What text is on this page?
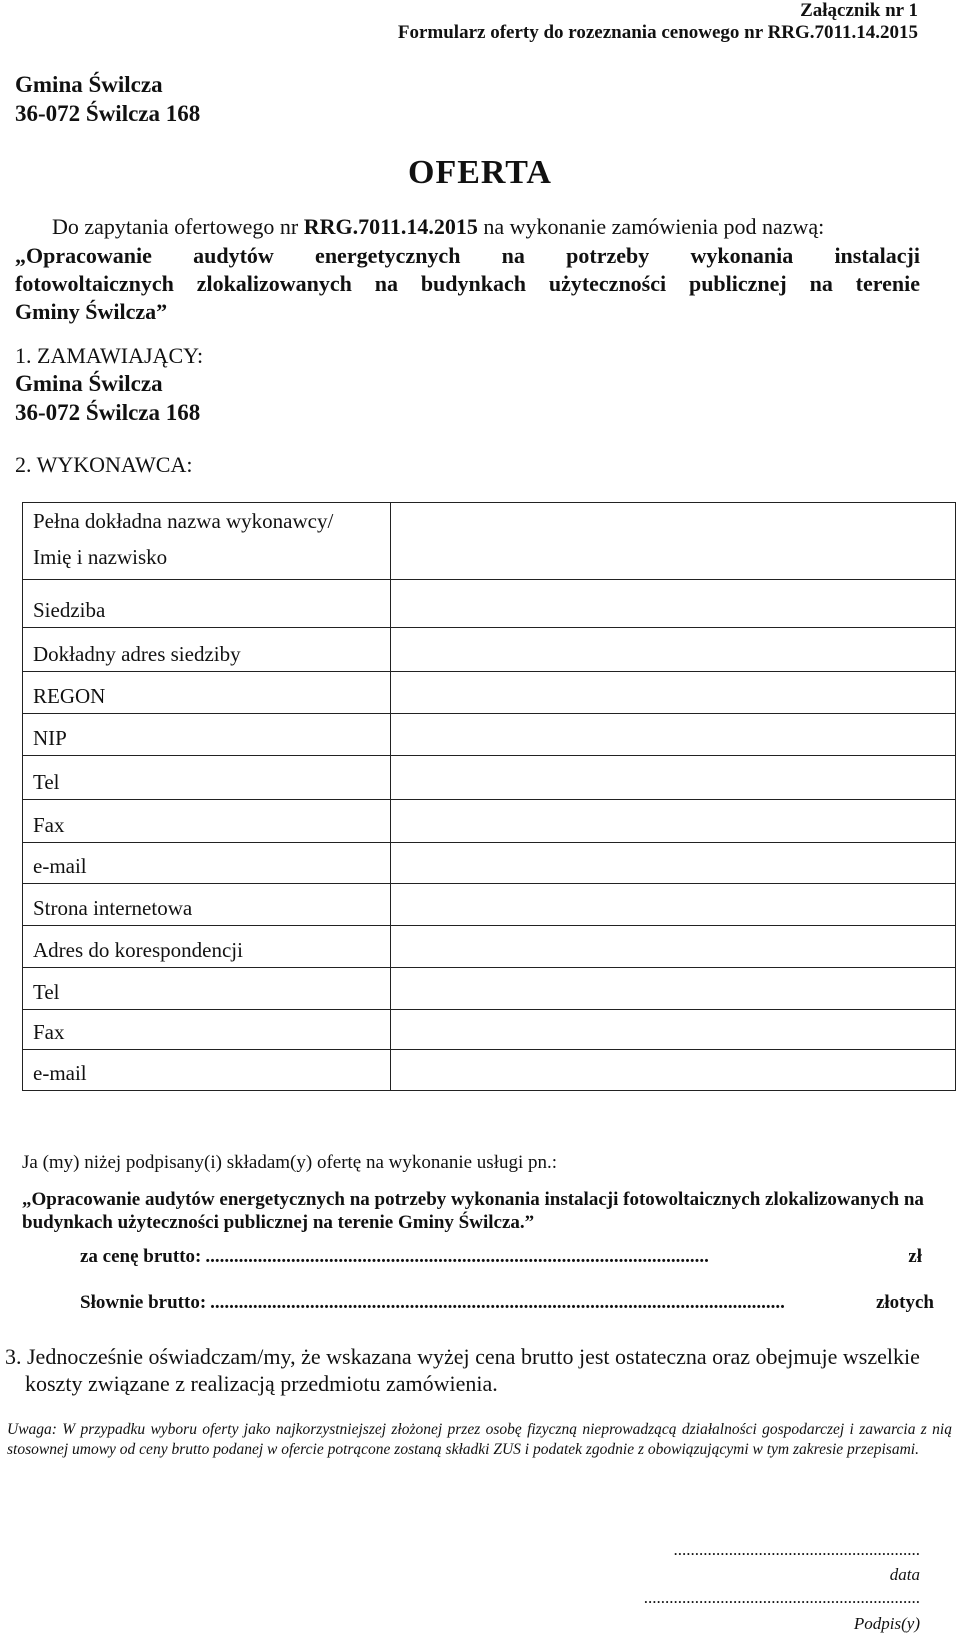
Załącznik nr 1
Formularz oferty do rozeznania cenowego nr RRG.7011.14.2015
Gmina Świlcza
36-072 Świlcza 168
OFERTA
Do zapytania ofertowego nr RRG.7011.14.2015 na wykonanie zamówienia pod nazwą:
„Opracowanie audytów energetycznych na potrzeby wykonania instalacji
fotowoltaicznych zlokalizowanych na budynkach użyteczności publicznej na terenie
Gminy Świlcza”
1. ZAMAWIAJĄCY:
Gmina Świlcza
36-072 Świlcza 168
2. WYKONAWCA:
Pełna dokładna nazwa wykonawcy/
Imię i nazwisko	
Siedziba	
Dokładny adres siedziby	
REGON	
NIP	
Tel	
Fax	
e-mail	
Strona internetowa	
Adres do korespondencji	
Tel	
Fax	
e-mail	
Ja (my) niżej podpisany(i) składam(y) ofertę na wykonanie usługi pn.:
„Opracowanie audytów energetycznych na potrzeby wykonania instalacji fotowoltaicznych zlokalizowanych na budynkach użyteczności publicznej na terenie Gminy Świlcza.”
za cenę brutto: ..........................................................................................................	zł
Słownie brutto: .........................................................................................................................	złotych
3. Jednocześnie oświadczam/my, że wskazana wyżej cena brutto jest ostateczna oraz obejmuje wszelkie koszty związane z realizacją przedmiotu zamówienia.
Uwaga: W przypadku wyboru oferty jako najkorzystniejszej złożonej przez osobę fizyczną nieprowadzącą działalności gospodarczej i zawarcia z nią stosownej umowy od ceny brutto podanej w ofercie potrącone zostaną składki ZUS i podatek zgodnie z obowiązującymi w tym zakresie przepisami.
..........................................................
data
.................................................................
Podpis(y)
